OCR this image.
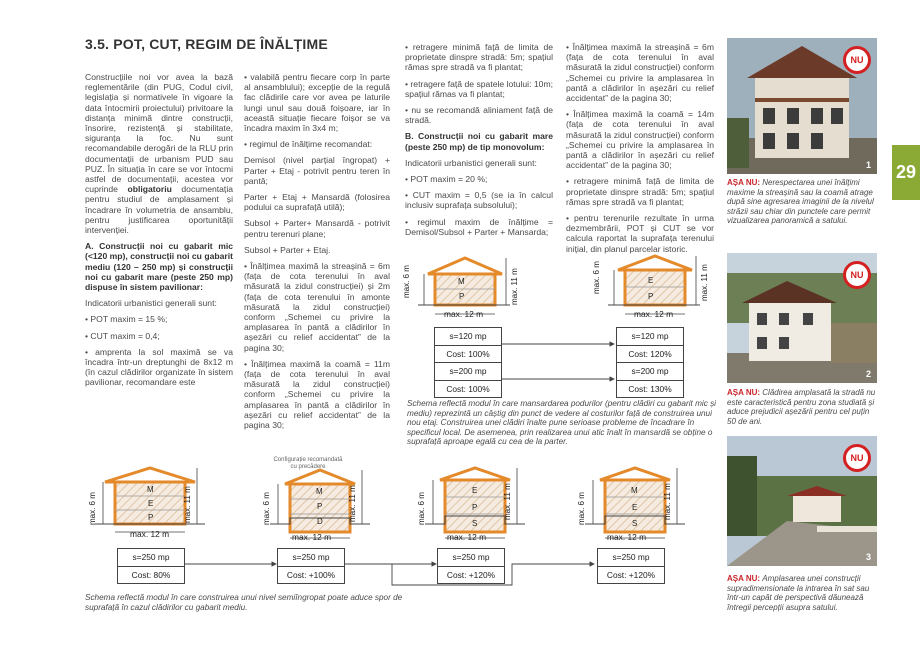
3.5. POT, CUT, REGIM DE ÎNĂLȚIME
29

Construcțiile noi vor avea la bază reglementările (din PUG, Codul civil, legislația și normativele în vigoare la data întocmirii proiectului) privitoare la distanța minimă dintre construcții, însorire, rezistență și stabilitate, siguranța la foc. Nu sunt recomandabile derogări de la RLU prin documentații de urbanism PUD sau PUZ. În situația în care se vor întocmi astfel de documentații, acestea vor cuprinde obligatoriu documentația pentru studiul de amplasament și încadrare în volumetria de ansamblu, pentru justificarea oportunității intervenției.

A. Construcții noi cu gabarit mic (<120 mp), construcții noi cu gabarit mediu (120 – 250 mp) și construcții noi cu gabarit mare (peste 250 mp) dispuse în sistem pavilionar:

Indicatorii urbanistici generali sunt:

• POT maxim = 15 %;

• CUT maxim = 0,4;

• amprenta la sol maximă se va încadra într-un dreptunghi de 8x12 m (în cazul clădirilor organizate în sistem pavilionar, recomandare este

• valabilă pentru fiecare corp în parte al ansamblului); excepție de la regulă fac clădirile care vor avea pe laturile lungi unul sau două foișoare, iar în această situație fiecare foișor se va încadra maxim în 3x4 m;

• regimul de înălțime recomandat:

Demisol (nivel parțial îngropat) + Parter + Etaj - potrivit pentru teren în pantă;

Parter + Etaj + Mansardă (folosirea podului ca suprafață utilă);

Subsol + Parter+ Mansardă - potrivit pentru terenuri plane;

Subsol + Parter + Etaj.

• Înălțimea maximă la streașină = 6m (fața de cota terenului în aval măsurată la zidul construcției) și 2m (fața de cota terenului în amonte măsurată la zidul construcției) conform „Schemei cu privire la amplasarea în pantă a clădirilor în așezări cu relief accidentat” de la pagina 30;

• Înălțimea maximă la coamă = 11m (fața de cota terenului în aval măsurată la zidul construcției) conform „Schemei cu privire la amplasarea în pantă a clădirilor în așezări cu relief accidentat” de la pagina 30;

• retragere minimă față de limita de proprietate dinspre stradă: 5m; spațiul rămas spre stradă va fi plantat;

• retragere față de spatele lotului: 10m; spațiul rămas va fi plantat;

• nu se recomandă aliniament față de stradă.

B. Construcții noi cu gabarit mare (peste 250 mp) de tip monovolum:

Indicatorii urbanistici generali sunt:

• POT maxim = 20 %;

• CUT maxim = 0,5 (se ia în calcul inclusiv suprafața subsolului);

• regimul maxim de înălțime = Demisol/Subsol + Parter + Mansarda;

• Înălțimea maximă la streașină = 6m (fața de cota terenului în aval măsurată la zidul construcției) conform „Schemei cu privire la amplasarea în pantă a clădirilor în așezări cu relief accidentat” de la pagina 30;

• Înălțimea maximă la coamă = 14m (fața de cota terenului în aval măsurată la zidul construcției) conform „Schemei cu privire la amplasarea în pantă a clădirilor în așezări cu relief accidentat” de la pagina 30;

• retragere minimă față de limita de proprietate dinspre stradă: 5m; spațiul rămas spre stradă va fi plantat;

• pentru terenurile rezultate în urma dezmembrării, POT și CUT se vor calcula raportat la suprafața terenului inițial, din planul parcelar istoric.

M
P
E
P
max. 6 m	max. 11 m
max. 12 m
max. 6 m	max. 11 m
max. 12 m
s=120 mp
Cost: 100%
s=200 mp
Cost: 100%
s=120 mp
Cost: 120%
s=200 mp
Cost: 130%
Schema reflectă modul în care mansardarea podurilor (pentru clădiri cu gabarit mic și mediu) reprezintă un câștig din punct de vedere al costurilor față de construirea unui nou etaj. Construirea unei clădiri înalte pune serioase probleme de încadrare în specificul local. De asemenea, prin realizarea unui atic înalt în mansardă se obține o suprafață aproape egală cu cea de la parter.
Configurație recomandată cu precădere
M
E
P
M
P
D
E
P
S
M
E
S
max. 6 m	max. 11 m
max. 12 m
max. 6 m	max. 11 m
max. 12 m
max. 6 m	max. 11 m
max. 12 m
max. 6 m	max. 11 m
max. 12 m
s=250 mp
Cost: 80%
s=250 mp
Cost: +100%
s=250 mp
Cost: +120%
s=250 mp
Cost: +120%
Schema reflectă modul în care construirea unui nivel semiîngropat poate aduce spor de suprafață în cazul clădirilor cu gabarit mediu.
NU
1
AȘA NU: Nerespectarea unei înălțimi maxime la streașină sau la coamă atrage după sine agresarea imaginii de la nivelul străzii sau chiar din punctele care permit vizualizarea panoramică a satului.
NU
2
AȘA NU: Clădirea amplasată la stradă nu este caracteristică pentru zona studiată și aduce prejudicii așezării pentru cel puțin 50 de ani.
NU
3
AȘA NU: Amplasarea unei construcții supradimensionate la intrarea în sat sau într-un capăt de perspectivă dăunează întregii percepții asupra satului.
